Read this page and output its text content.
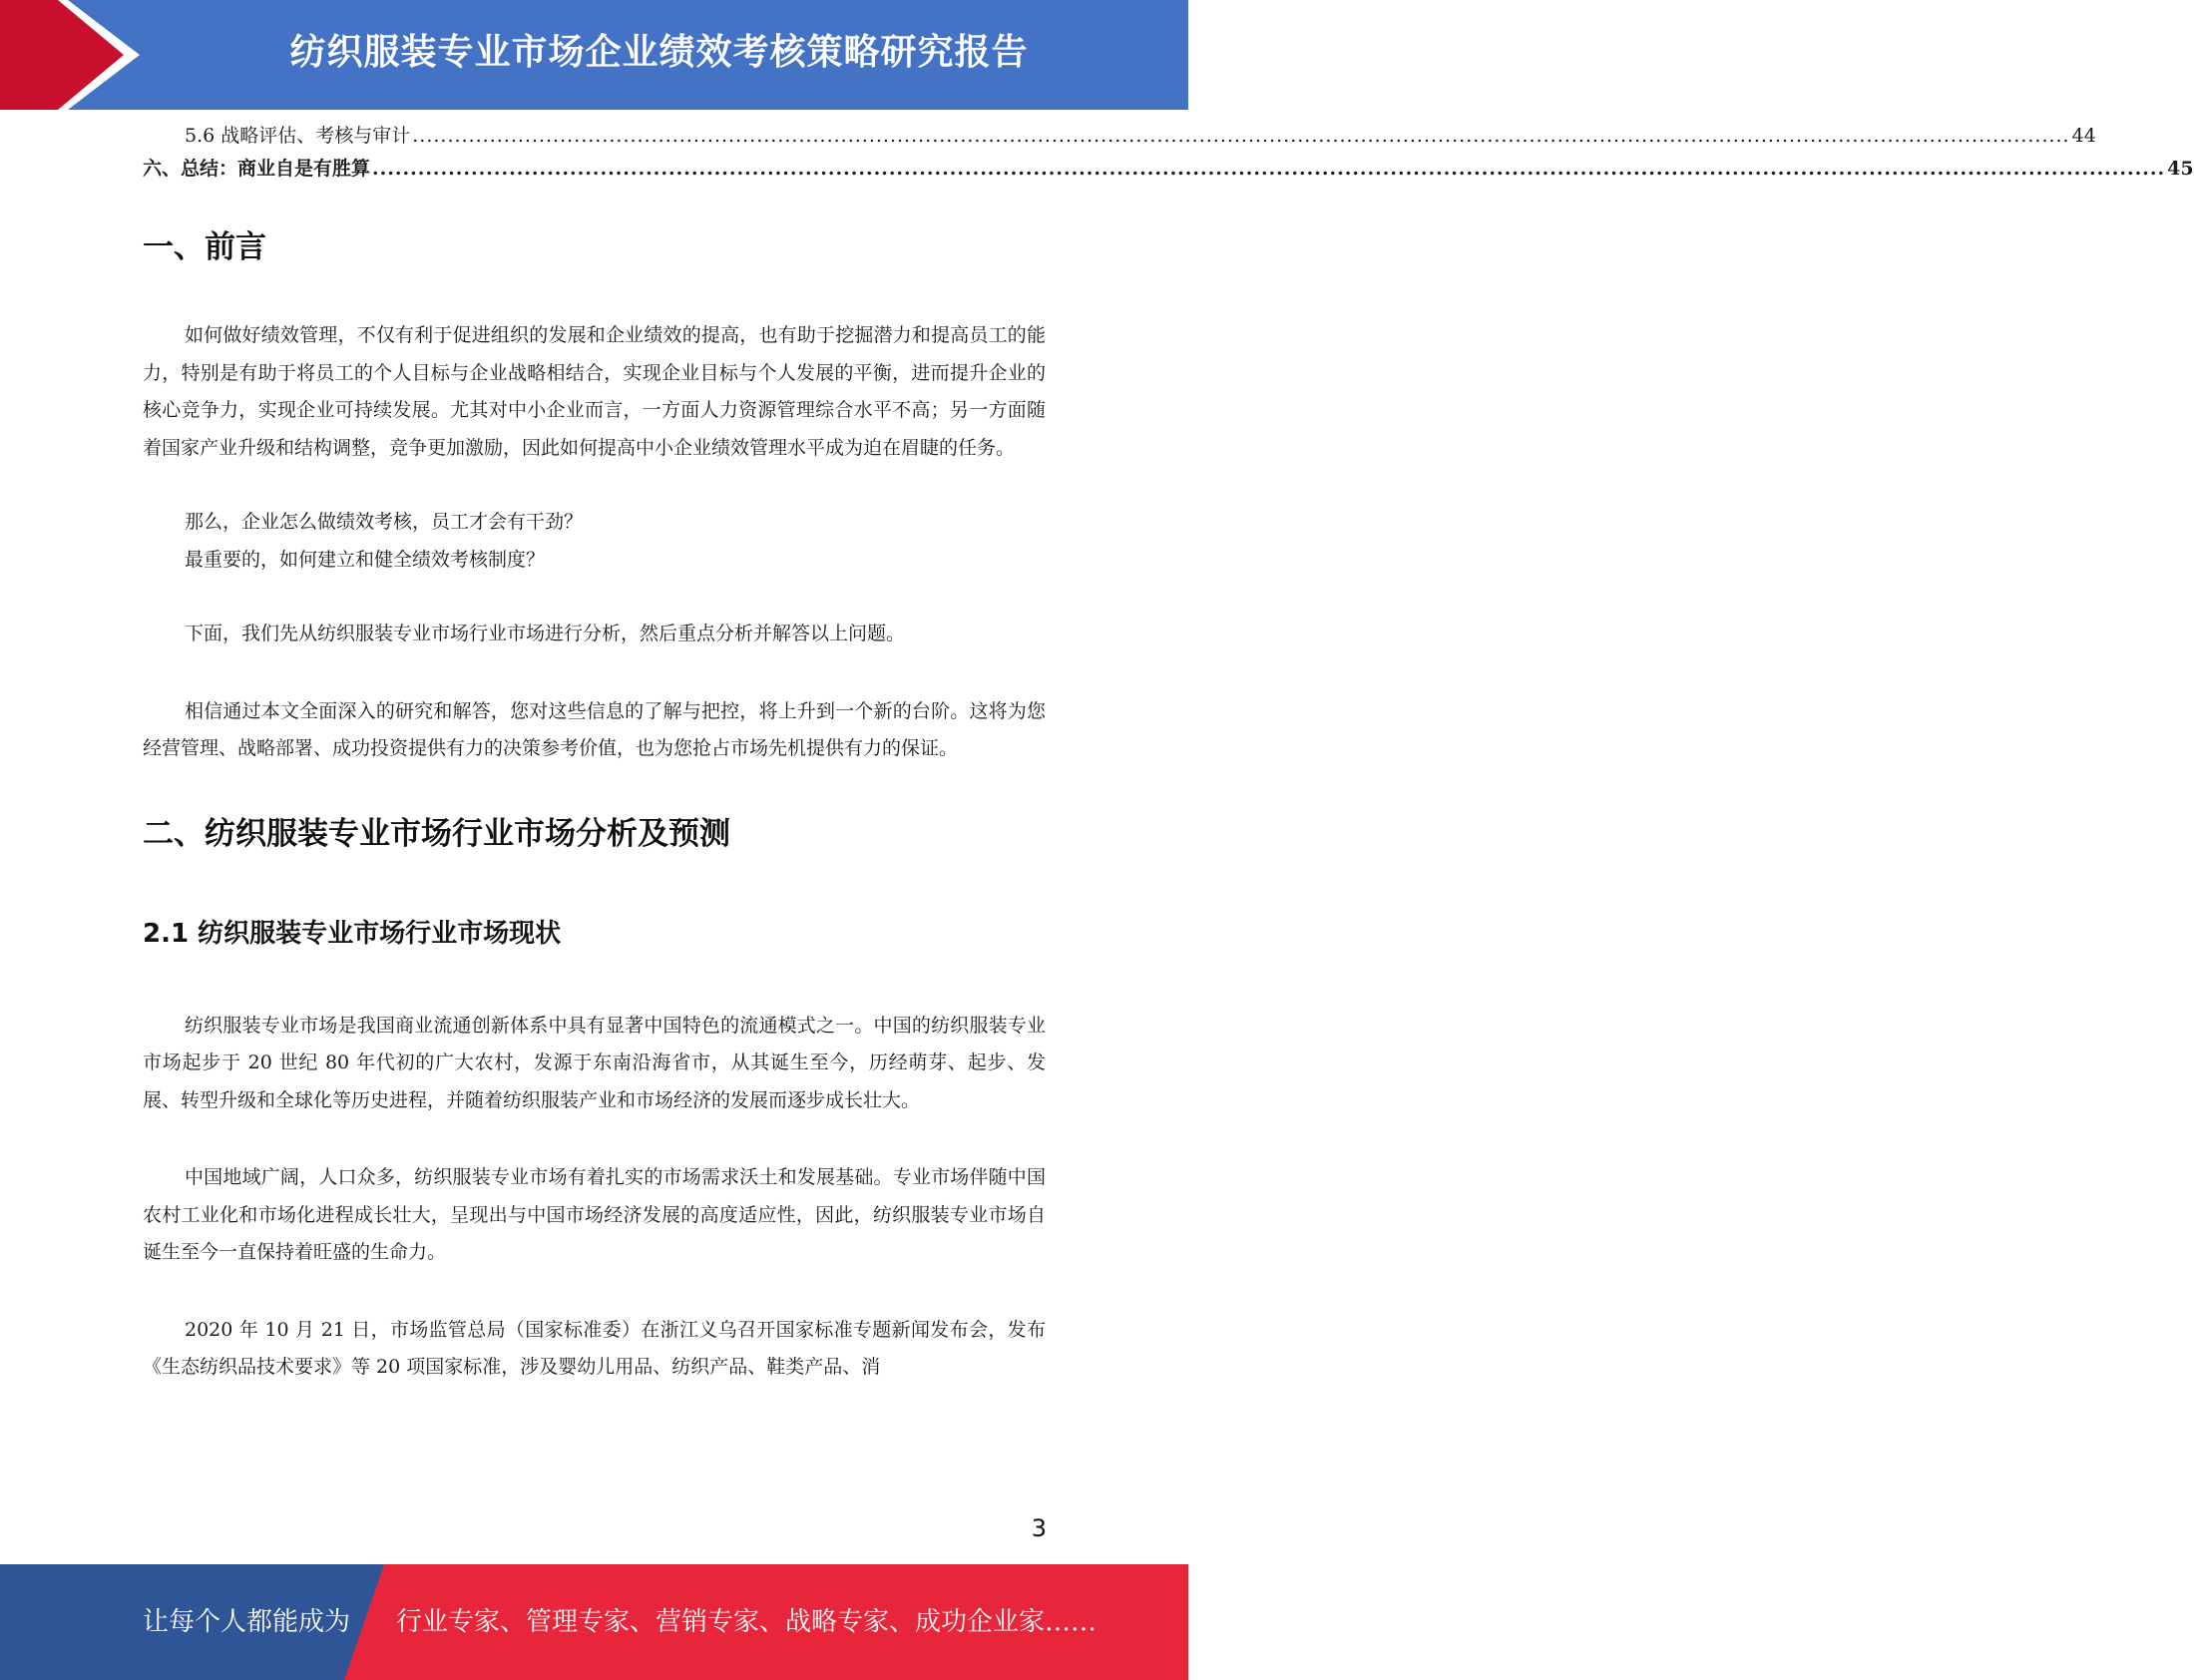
纺织服装专业市场企业绩效考核策略研究报告
5.6 战略评估、考核与审计 ............................................................................................................................................................................................................................................ 44
六、总结：商业自是有胜算 ............................................................................................................................................................................................................................................ 45
一、前言

如何做好绩效管理，不仅有利于促进组织的发展和企业绩效的提高，也有助于挖掘潜力和提高员工的能力，特别是有助于将员工的个人目标与企业战略相结合，实现企业目标与个人发展的平衡，进而提升企业的核心竞争力，实现企业可持续发展。尤其对中小企业而言，一方面人力资源管理综合水平不高；另一方面随着国家产业升级和结构调整，竞争更加激励，因此如何提高中小企业绩效管理水平成为迫在眉睫的任务。

那么，企业怎么做绩效考核，员工才会有干劲？

最重要的，如何建立和健全绩效考核制度？

下面，我们先从纺织服装专业市场行业市场进行分析，然后重点分析并解答以上问题。

相信通过本文全面深入的研究和解答，您对这些信息的了解与把控，将上升到一个新的台阶。这将为您经营管理、战略部署、成功投资提供有力的决策参考价值，也为您抢占市场先机提供有力的保证。

二、纺织服装专业市场行业市场分析及预测
2.1 纺织服装专业市场行业市场现状

纺织服装专业市场是我国商业流通创新体系中具有显著中国特色的流通模式之一。中国的纺织服装专业市场起步于 20 世纪 80 年代初的广大农村，发源于东南沿海省市，从其诞生至今，历经萌芽、起步、发展、转型升级和全球化等历史进程，并随着纺织服装产业和市场经济的发展而逐步成长壮大。

中国地域广阔，人口众多，纺织服装专业市场有着扎实的市场需求沃土和发展基础。专业市场伴随中国农村工业化和市场化进程成长壮大，呈现出与中国市场经济发展的高度适应性，因此，纺织服装专业市场自诞生至今一直保持着旺盛的生命力。

2020 年 10 月 21 日，市场监管总局（国家标准委）在浙江义乌召开国家标准专题新闻发布会，发布《生态纺织品技术要求》等 20 项国家标准，涉及婴幼儿用品、纺织产品、鞋类产品、消

3
让每个人都能成为 行业专家、管理专家、营销专家、战略专家、成功企业家……
